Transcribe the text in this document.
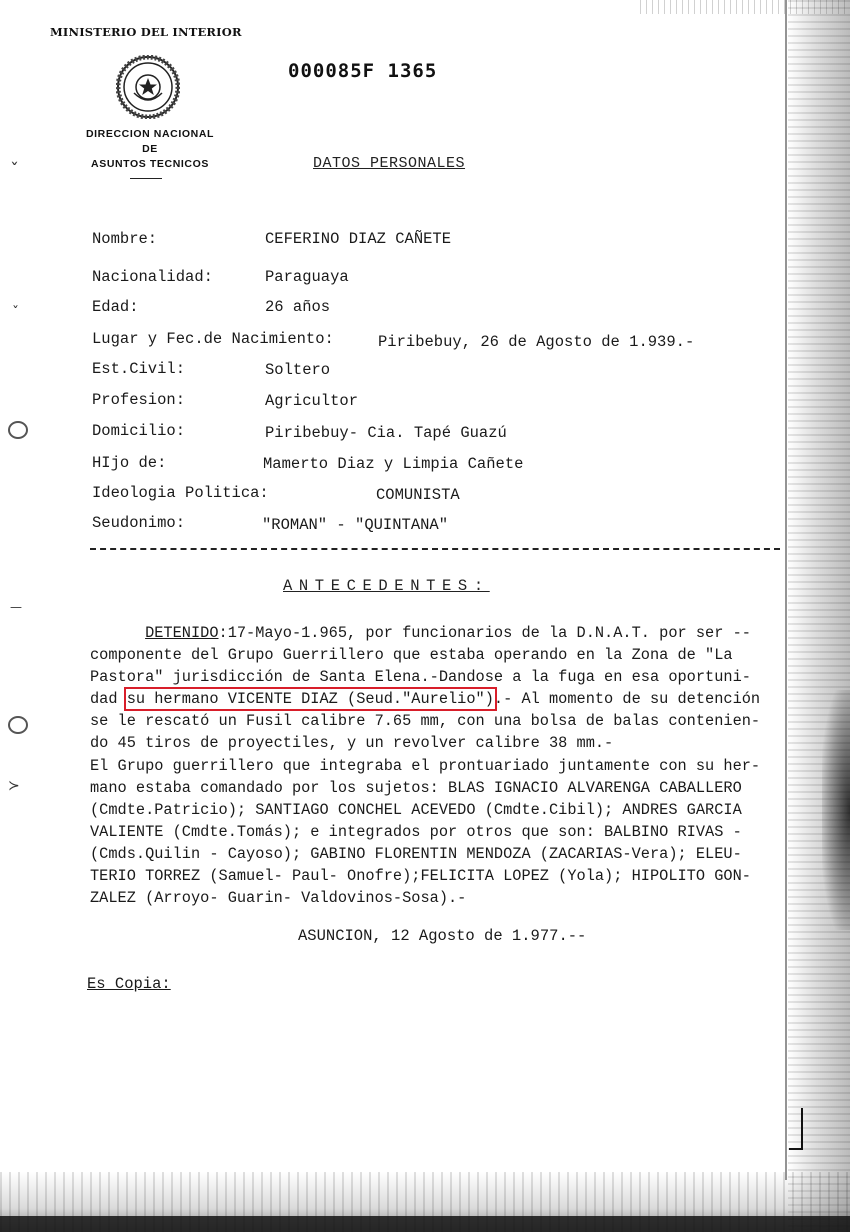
ˇ
ˇ
—
≻
MINISTERIO DEL INTERIOR
000085F 1365
DIRECCION NACIONAL
DE
ASUNTOS TECNICOS	DATOS PERSONALES
Nombre:	CEFERINO DIAZ CAÑETE
Nacionalidad:	Paraguaya
Edad:	26 años
Lugar y Fec.de Nacimiento:	Piribebuy, 26 de Agosto de 1.939.-
Est.Civil:	Soltero
Profesion:	Agricultor
Domicilio:	Piribebuy- Cia. Tapé Guazú
HIjo de:	Mamerto Diaz y Limpia Cañete
Ideologia Politica:	COMUNISTA
Seudonimo:	"ROMAN" - "QUINTANA"
ANTECEDENTES:
DETENIDO:17-Mayo-1.965, por funcionarios de la D.N.A.T. por ser --
componente del Grupo Guerrillero que estaba operando en la Zona de "La
Pastora" jurisdicción de Santa Elena.-Dandose a la fuga en esa oportuni-
dad su hermano VICENTE DIAZ (Seud."Aurelio").- Al momento de su detención
se le rescató un Fusil calibre 7.65 mm, con una bolsa de balas contenien-
do 45 tiros de proyectiles, y un revolver calibre 38 mm.-
El Grupo guerrillero que integraba el prontuariado juntamente con su her-
mano estaba comandado por los sujetos: BLAS IGNACIO ALVARENGA CABALLERO
(Cmdte.Patricio); SANTIAGO CONCHEL ACEVEDO (Cmdte.Cibil); ANDRES GARCIA
VALIENTE (Cmdte.Tomás); e integrados por otros que son: BALBINO RIVAS -
(Cmds.Quilin - Cayoso); GABINO FLORENTIN MENDOZA (ZACARIAS-Vera); ELEU-
TERIO TORREZ (Samuel- Paul- Onofre);FELICITA LOPEZ (Yola); HIPOLITO GON-
ZALEZ (Arroyo- Guarin- Valdovinos-Sosa).-
ASUNCION, 12 Agosto de 1.977.--
Es Copia:
